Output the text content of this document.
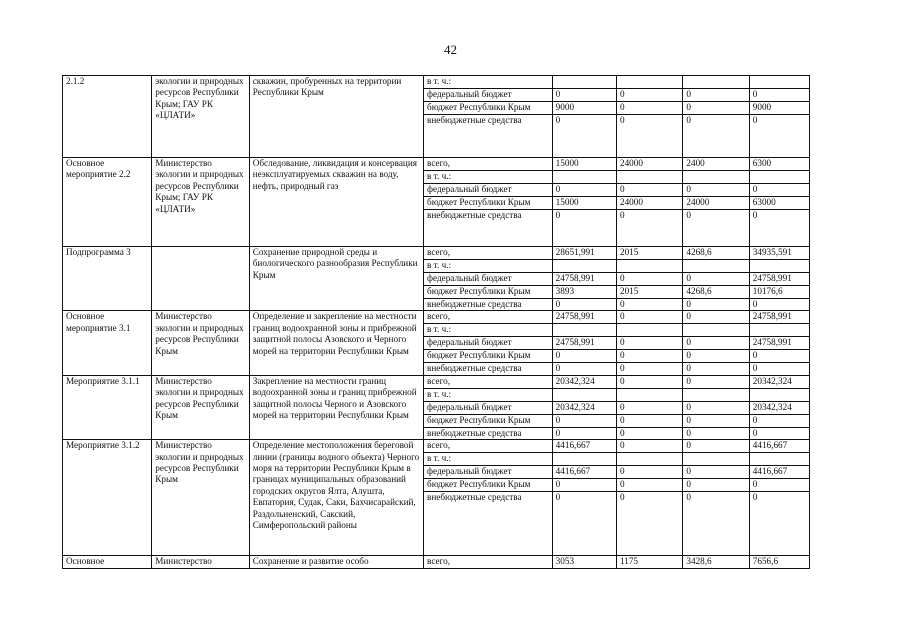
42
2.1.2	экологии и природных ресурсов Республики Крым; ГАУ РК «ЦЛАТИ»	скважин, пробуренных на территории Республики Крым	в т. ч.:				
			федеральный бюджет	0	0	0	0
			бюджет Республики Крым	9000	0	0	9000
			внебюджетные средства	0	0	0	0
Основное мероприятие 2.2	Министерство экологии и природных ресурсов Республики Крым; ГАУ РК «ЦЛАТИ»	Обследование, ликвидация и консервация неэксплуатируемых скважин на воду, нефть, природный газ	всего,	15000	24000	2400	6300
			в т. ч.:				
			федеральный бюджет	0	0	0	0
			бюджет Республики Крым	15000	24000	24000	63000
			внебюджетные средства	0	0	0	0
Подпрограмма 3		Сохранение природной среды и биологического разнообразия Республики Крым	всего,	28651,991	2015	4268,6	34935,591
			в т. ч.:				
			федеральный бюджет	24758,991	0	0	24758,991
			бюджет Республики Крым	3893	2015	4268,6	10176,6
			внебюджетные средства	0	0	0	0
Основное мероприятие 3.1	Министерство экологии и природных ресурсов Республики Крым	Определение и закрепление на местности границ водоохранной зоны и прибрежной защитной полосы Азовского и Черного морей на территории Республики Крым	всего,	24758,991	0	0	24758,991
			в т. ч.:				
			федеральный бюджет	24758,991	0	0	24758,991
			бюджет Республики Крым	0	0	0	0
			внебюджетные средства	0	0	0	0
Мероприятие 3.1.1	Министерство экологии и природных ресурсов Республики Крым	Закрепление на местности границ водоохранной зоны и границ прибрежной защитной полосы Черного и Азовского морей на территории Республики Крым	всего,	20342,324	0	0	20342,324
			в т. ч.:				
			федеральный бюджет	20342,324	0	0	20342,324
			бюджет Республики Крым	0	0	0	0
			внебюджетные средства	0	0	0	0
Мероприятие 3.1.2	Министерство экологии и природных ресурсов Республики Крым	Определение местоположения береговой линии (границы водного объекта) Черного моря на территории Республики Крым в границах муниципальных образований городских округов Ялта, Алушта, Евпатория, Судак, Саки, Бахчисарайский, Раздольненский, Сакский, Симферопольский районы	всего,	4416,667	0	0	4416,667
			в т. ч.:				
			федеральный бюджет	4416,667	0	0	4416,667
			бюджет Республики Крым	0	0	0	0
			внебюджетные средства	0	0	0	0
Основное	Министерство	Сохранение и развитие особо	всего,	3053	1175	3428,6	7656,6
